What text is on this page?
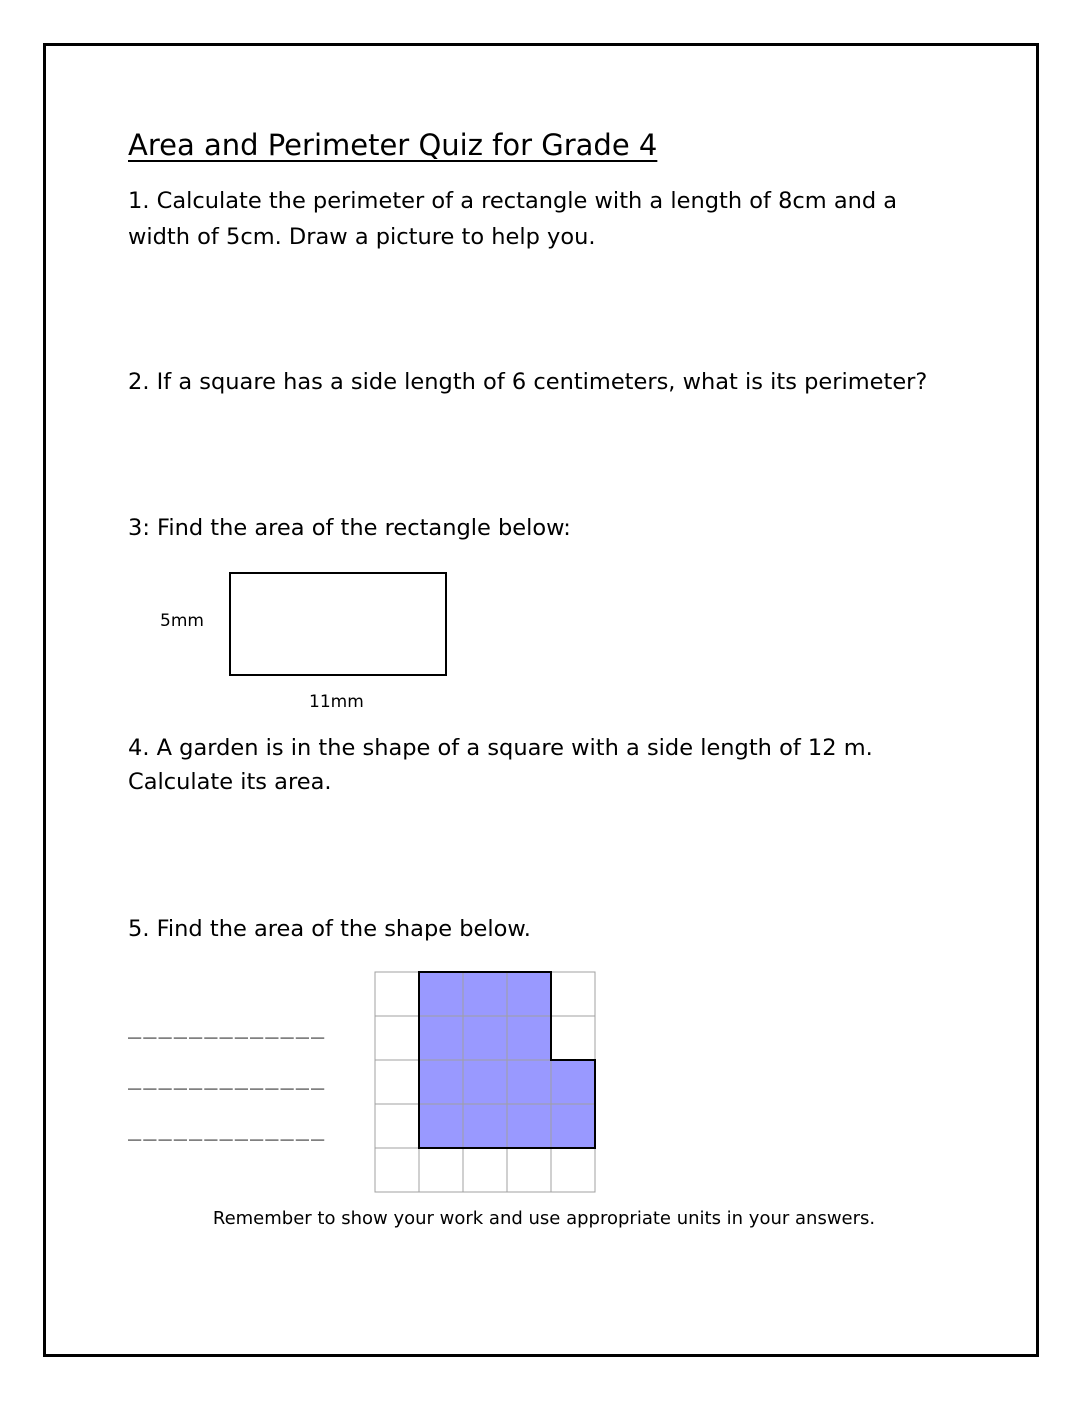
Area and Perimeter Quiz for Grade 4

1. Calculate the perimeter of a rectangle with a length of 8cm and a width of 5cm. Draw a picture to help you.

2. If a square has a side length of 6 centimeters, what is its perimeter?

3: Find the area of the rectangle below:

5mm
11mm

4. A garden is in the shape of a square with a side length of 12 m. Calculate its area.

5. Find the area of the shape below.

_____________
_____________
_____________
Remember to show your work and use appropriate units in your answers.
